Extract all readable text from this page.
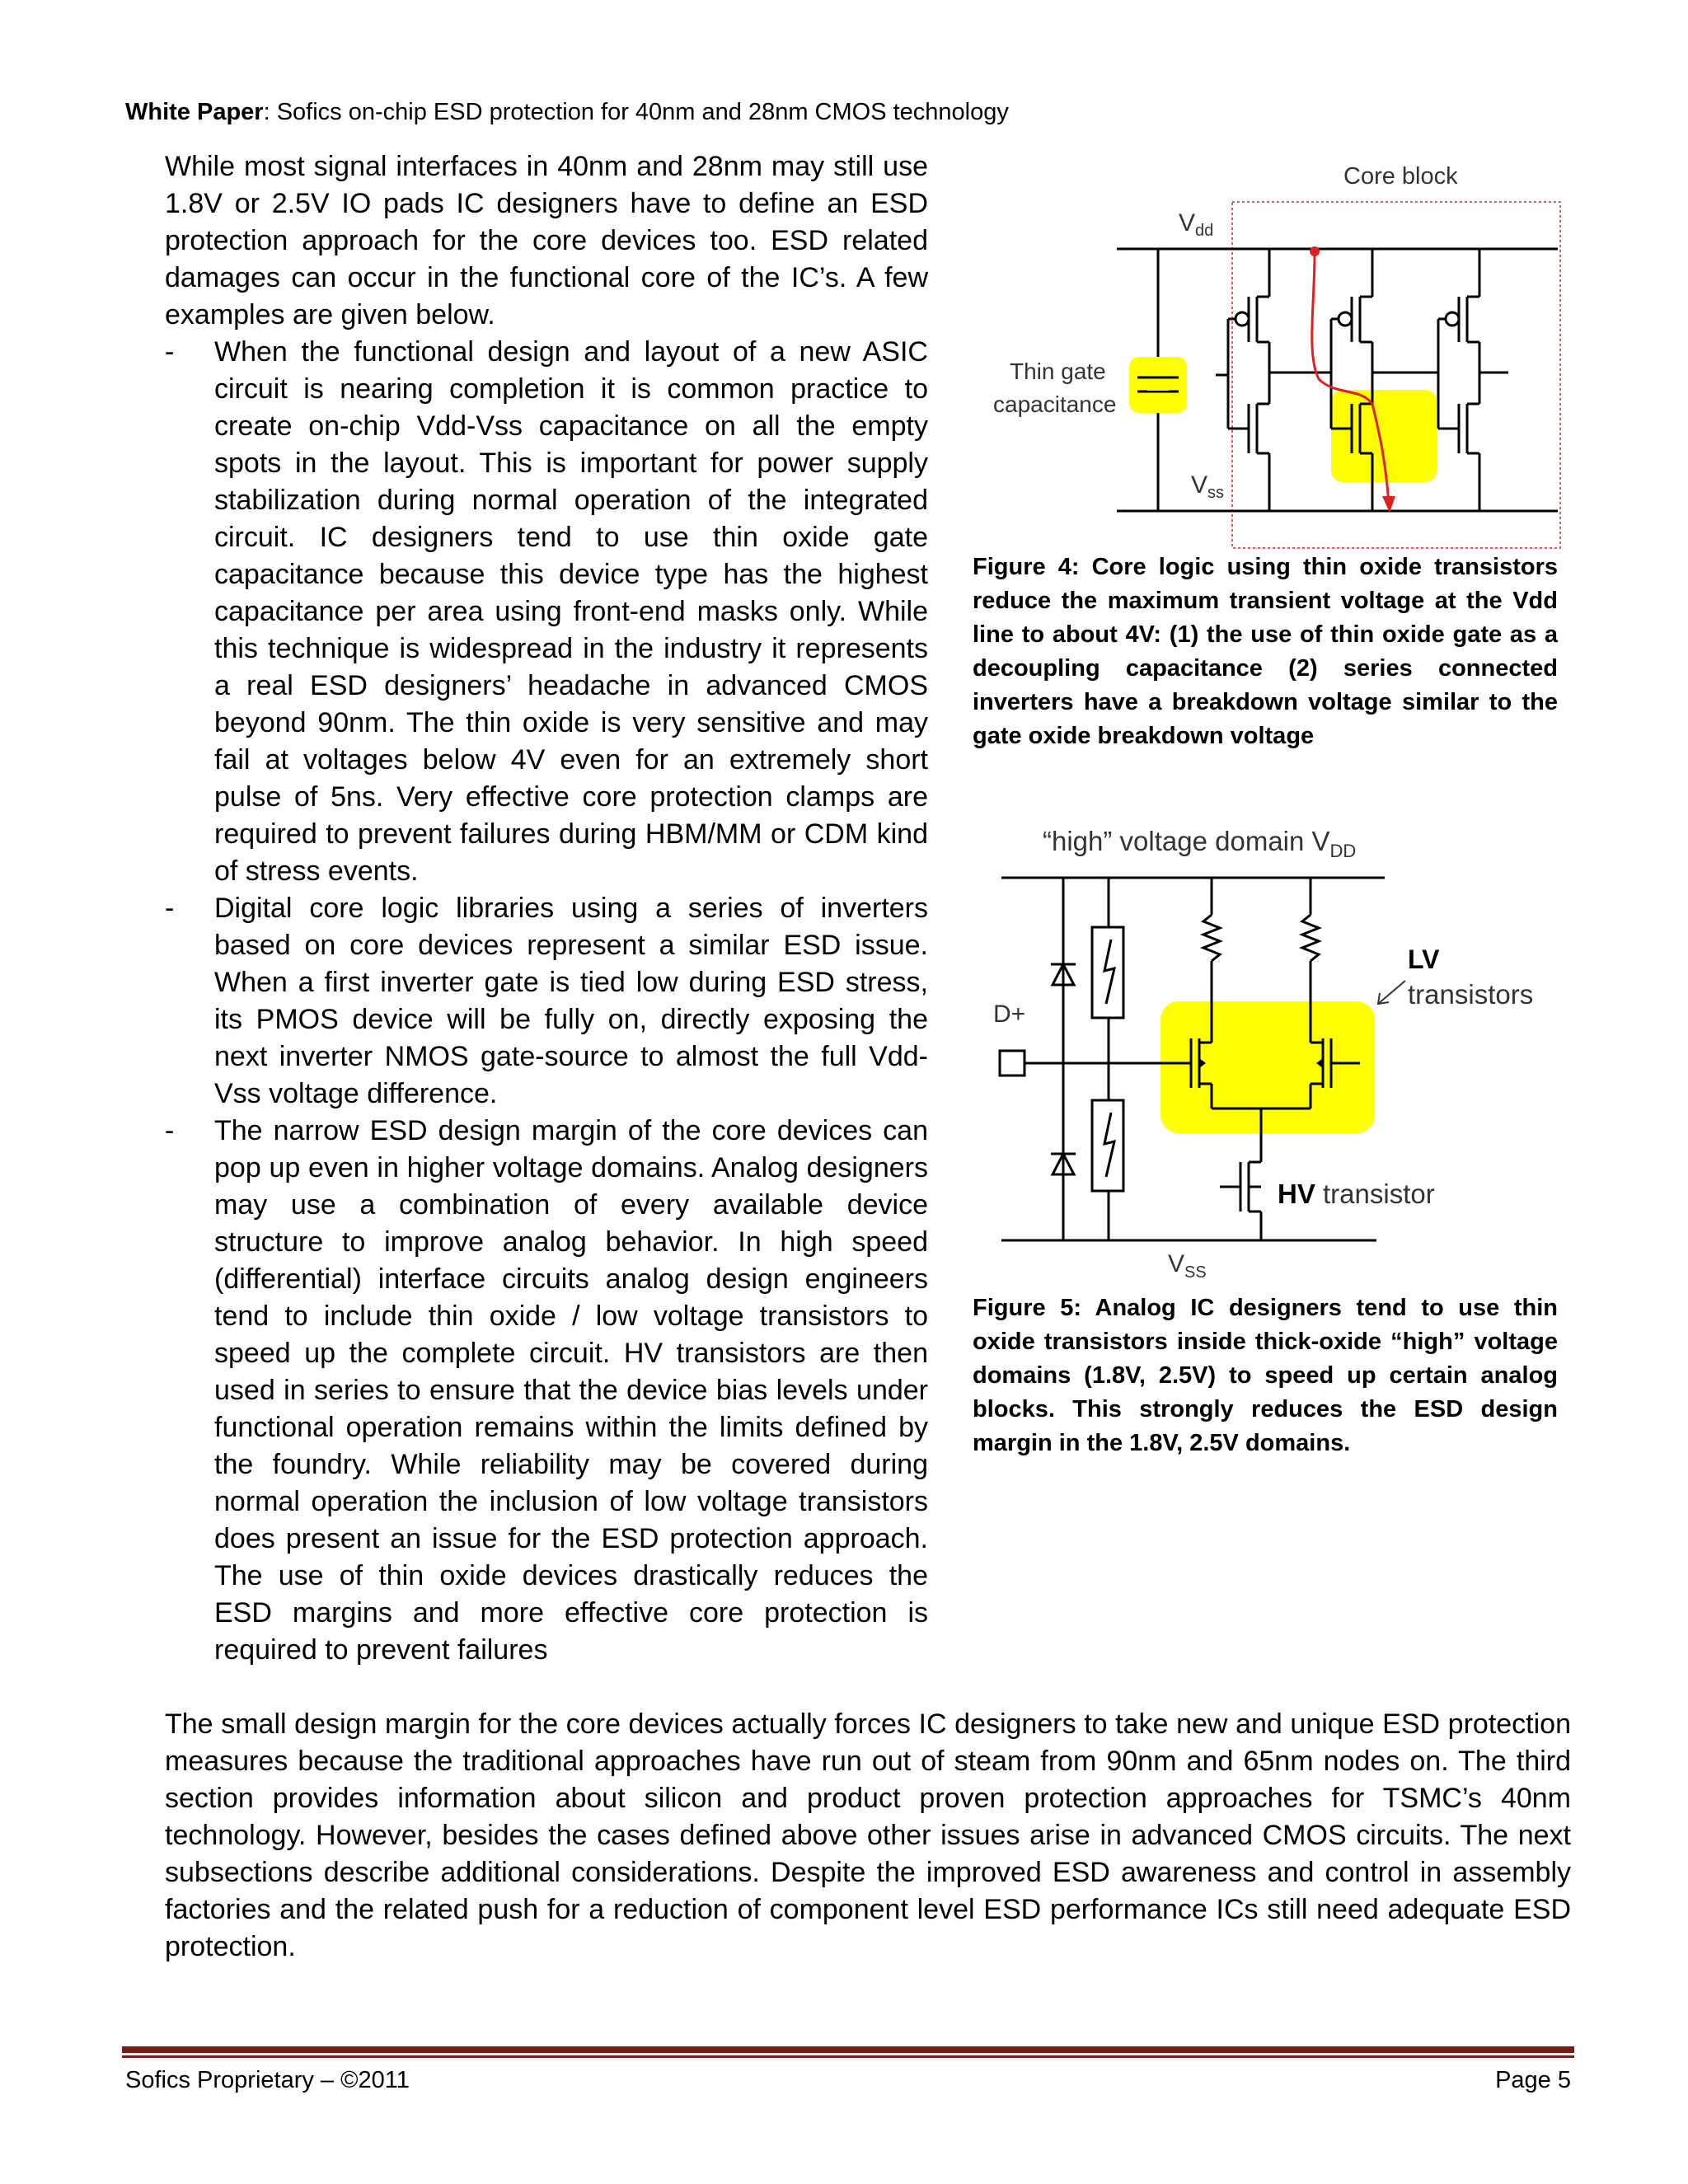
White Paper: Sofics on-chip ESD protection for 40nm and 28nm CMOS technology

While most signal interfaces in 40nm and 28nm may still use 1.8V or 2.5V IO pads IC designers have to define an ESD protection approach for the core devices too. ESD related damages can occur in the functional core of the IC’s. A few examples are given below.

- When the functional design and layout of a new ASIC circuit is nearing completion it is common practice to create on-chip Vdd-Vss capacitance on all the empty spots in the layout. This is important for power supply stabilization during normal operation of the integrated circuit. IC designers tend to use thin oxide gate capacitance because this device type has the highest capacitance per area using front-end masks only. While this technique is widespread in the industry it represents a real ESD designers’ headache in advanced CMOS beyond 90nm. The thin oxide is very sensitive and may fail at voltages below 4V even for an extremely short pulse of 5ns. Very effective core protection clamps are required to prevent failures during HBM/MM or CDM kind of stress events.
- Digital core logic libraries using a series of inverters based on core devices represent a similar ESD issue. When a first inverter gate is tied low during ESD stress, its PMOS device will be fully on, directly exposing the next inverter NMOS gate-source to almost the full Vdd-Vss voltage difference.
- The narrow ESD design margin of the core devices can pop up even in higher voltage domains. Analog designers may use a combination of every available device structure to improve analog behavior. In high speed (differential) interface circuits analog design engineers tend to include thin oxide / low voltage transistors to speed up the complete circuit. HV transistors are then used in series to ensure that the device bias levels under functional operation remains within the limits defined by the foundry. While reliability may be covered during normal operation the inclusion of low voltage transistors does present an issue for the ESD protection approach. The use of thin oxide devices drastically reduces the ESD margins and more effective core protection is required to prevent failures
Core block
$V_{dd}$
$V_{ss}$
Thin gate
capacitance
Figure 4: Core logic using thin oxide transistors reduce the maximum transient voltage at the Vdd line to about 4V: (1) the use of thin oxide gate as a decoupling capacitance (2) series connected inverters have a breakdown voltage similar to the gate oxide breakdown voltage
“high” voltage domain $V_{DD}$
$V_{SS}$
D+
HV transistor
LV
transistors
Figure 5: Analog IC designers tend to use thin oxide transistors inside thick-oxide “high” voltage domains (1.8V, 2.5V) to speed up certain analog blocks. This strongly reduces the ESD design margin in the 1.8V, 2.5V domains.

The small design margin for the core devices actually forces IC designers to take new and unique ESD protection measures because the traditional approaches have run out of steam from 90nm and 65nm nodes on. The third section provides information about silicon and product proven protection approaches for TSMC’s 40nm technology. However, besides the cases defined above other issues arise in advanced CMOS circuits. The next subsections describe additional considerations. Despite the improved ESD awareness and control in assembly factories and the related push for a reduction of component level ESD performance ICs still need adequate ESD protection.

Sofics Proprietary – ©2011	Page 5
